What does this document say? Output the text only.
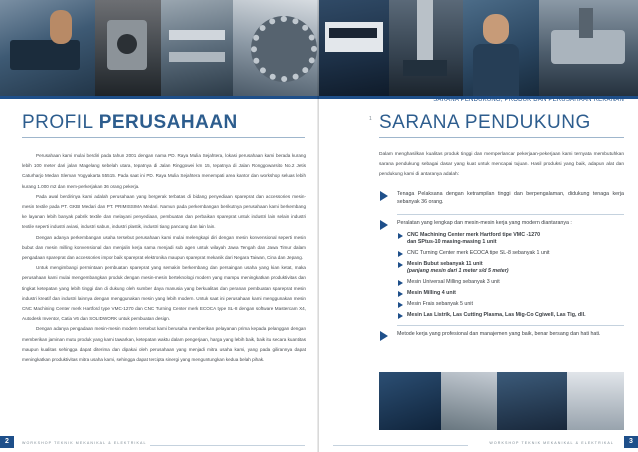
PROFIL PERUSAHAAN

Perusahaan kami mulai berdiri pada tahun 2001 dengan nama PD. Raya Mulia Sejahtera, lokasi perusahaan kami berada kurang lebih 100 meter dari jalan Magelang sebelah utara, tepatnya di Jalan Ringgowei km 15, tepatnya di Jalan Ronggowarsito No.2 Jetis Caturharjo Medan Sleman Yogyakarta 55515. Pada saat ini PD. Raya Mulia Sejahtera menempati area kantor dan workshop seluas lebih kurang 1.000 m2 dan mem-perkerjakan 36 orang pekerja.

Pada awal berdirinya kami adalah perusahaan yang bergerak terbatas di bidang penyediaan spareprat dan accessories mesin-mesin textile pada PT. GKBI Medari dan PT. PRIMISSIMA Medari. Namun pada perkembangan berikutnya perusahaan kami berkembang ke layanan lebih banyak pabrik textile dan melayani penyediaan, pembuatan dan perbaikan spareprat untuk industri lain selain industri textile seperti industri aviasi, industri sabun, industri plastik, industri tiang pancang dan lain lain.

Dengan adanya perkembangan usaha tersebut perusahaan kami mulai melengkapi diri dengan mesin konvensional seperti mesin bubut dan mesin milling konvensional dan menjalin kerja sama menjadi sub agen untuk wilayah Jawa Tengah dan Jawa Timur dalam pengadaan spareprat dan accessories impor baik spareprat elektronika maupun spareprat mekanik dari Negara Taiwan, Cina dan Jepang.

Untuk mengimbangi permintaan pembuatan spareprat yang semakin berkembang dan persaingan usaha yang kian ketat, maka perusahaan kami mulai mengembangkan produk dengan mesin-mesin berteknologi modern yang mampu meningkatkan produktivitas dan tingkat ketepatan yang lebih tinggi dan di dukung oleh sumber daya manusia yang berkualitas dan peranan pembuatan spareprat mesin industri kreatif dan industri lainnya dengan menggunakan mesin yang lebih modern. Untuk saat ini perusahaan kami menggunakan mesin CNC Machining Center merk Hartford type VMC-1270 dan CNC Turning Center merk ECOCA type SL-8 dengan software Mastercam X4, Autodesk Inventor, Catia V6 dan SOLIDWORK untuk pembuatan design.

Dengan adanya pengadaan mesin-mesin modern tersebut kami berusaha memberikan pelayanan prima kepada pelanggan dengan memberikan jaminan mutu produk yang kami tawarkan, ketepatan waktu dalam pengerjaan, harga yang lebih baik, baik itu secara kuantitas maupun kualitas sehingga dapat diterima dan dipakai oleh perusahaan yang menjadi mitra usaha kami, yang pada gilirannya dapat meningkatkan produktivitas mitra usaha kami, sehingga dapat tercipta sinergi yang menguntungkan kedua belah pihak.

2	WORKSHOP TEKNIK MEKANIKAL & ELEKTRIKAL
SARANA PENDUKUNG, PRODUK DAN PERUSAHAAN REKANAN
1 SARANA PENDUKUNG

Dalam menghasilkan kualitas produk tinggi dan memperlancar pekerjaan-pekerjaan kami ternyata membutuhkan sarana pendukung sebagai dasar yang kuat untuk mencapai tujuan. Hasil produksi yang baik, adapun alat dan pendukung kami di antaranya adalah:

Tenaga Pelaksana dengan ketrampilan tinggi dan berpengalaman, didukung tenaga kerja sebanyak 36 orang.
Peralatan yang lengkap dan mesin-mesin kerja yang modern diantaranya :
CNC Machining Center merk Hartford tipe VMC -1270
dan SPtus-10 masing-masing 1 unit
CNC Turning Center merk ECOCA tipe SL-8 sebanyak 1 unit
Mesin Bubut sebanyak 11 unit
(panjang mesin dari 1 meter s/d 5 meter)
Mesin Universal Milling sebanyak 3 unit
Mesin Milling 4 unit
Mesin Frais sebanyak 5 unit
Mesin Las Listrik, Las Cutting Plasma, Las Mig-Co Cgiwell, Las Tig, dll.
Metode kerja yang profesional dan manajemen yang baik, benar bersang dan hati hati.
WORKSHOP TEKNIK MEKANIKAL & ELEKTRIKAL	3
